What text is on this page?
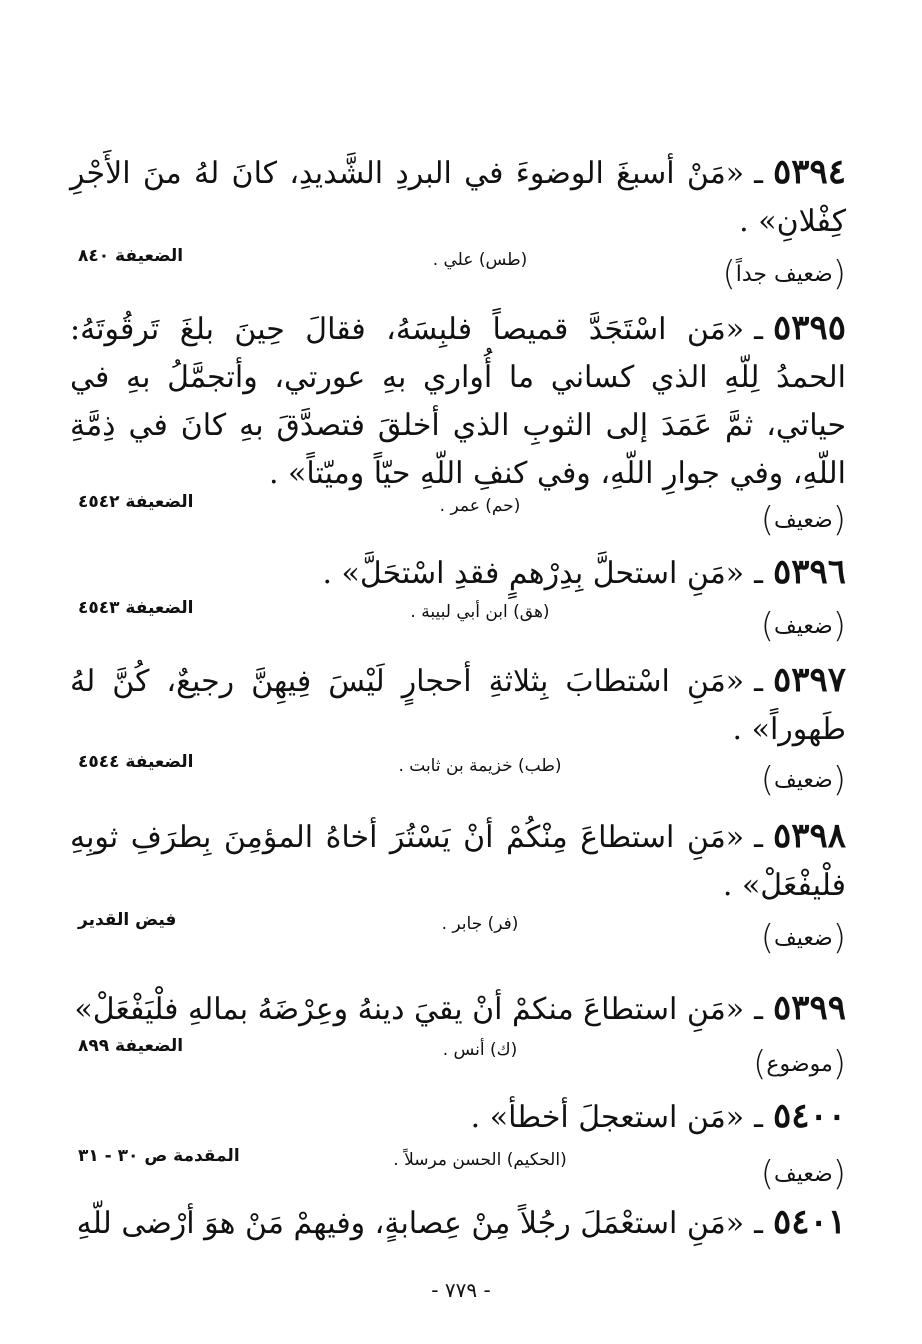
٥٣٩٤ـ«مَنْ أسبغَ الوضوءَ في البردِ الشَّديدِ، كانَ لهُ منَ الأَجْرِ كِفْلانِ» .
(ضعيف جداً)
(طس) علي .
الضعيفة ٨٤٠
٥٣٩٥ـ«مَن اسْتَجَدَّ قميصاً فلبِسَهُ، فقالَ حِينَ بلغَ تَرقُوتَهُ: الحمدُ لِلّهِ الذي كساني ما أُواري بهِ عورتي، وأتجمَّلُ بهِ في حياتي، ثمَّ عَمَدَ إلى الثوبِ الذي أخلقَ فتصدَّقَ بهِ كانَ في ذِمَّةِ اللّهِ، وفي جوارِ اللّهِ، وفي كنفِ اللّهِ حيّاً وميّتاً» .
(ضعيف)
(حم) عمر .
الضعيفة ٤٥٤٢
٥٣٩٦ـ«مَنِ استحلَّ بِدِرْهمٍ فقدِ اسْتحَلَّ» .
(ضعيف)
(هق) ابن أبي لبيبة .
الضعيفة ٤٥٤٣
٥٣٩٧ـ«مَنِ اسْتطابَ بِثلاثةِ أحجارٍ لَيْسَ فِيهِنَّ رجيعٌ، كُنَّ لهُ طَهوراً» .
(ضعيف)
(طب) خزيمة بن ثابت .
الضعيفة ٤٥٤٤
٥٣٩٨ـ«مَنِ استطاعَ مِنْكُمْ أنْ يَسْتُرَ أخاهُ المؤمِنَ بِطرَفِ ثوبِهِ فلْيفْعَلْ» .
(ضعيف)
(فر) جابر .
فيض القدير
٥٣٩٩ـ«مَنِ استطاعَ منكمْ أنْ يقيَ دينهُ وعِرْضَهُ بمالهِ فلْيَفْعَلْ»
(موضوع)
(ك) أنس .
الضعيفة ٨٩٩
٥٤٠٠ـ«مَن استعجلَ أخطأ» .
(ضعيف)
(الحكيم) الحسن مرسلاً .
المقدمة ص ٣٠ - ٣١
٥٤٠١ـ«مَنِ استعْمَلَ رجُلاً مِنْ عِصابةٍ، وفيهمْ مَنْ هوَ أرْضى للّهِ
- ٧٧٩ -
